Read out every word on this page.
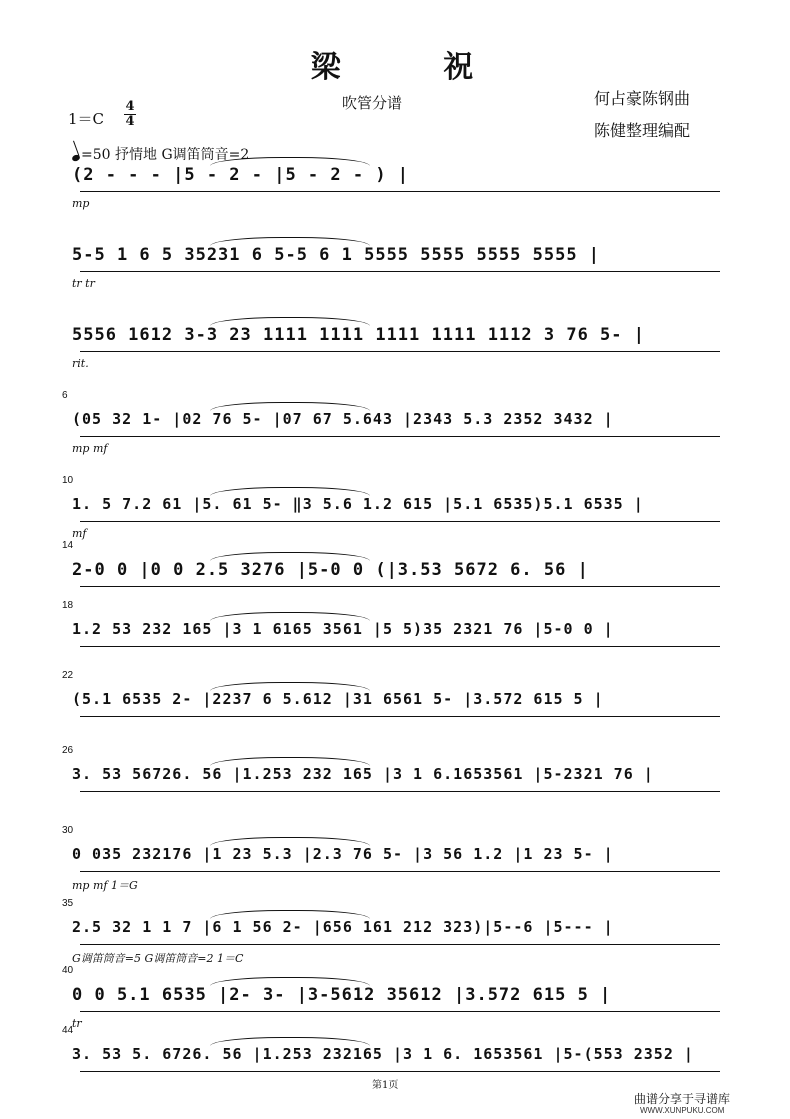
梁 祝
吹管分谱	何占豪陈钢曲
陈健整理编配
1＝C
4
4
=50 抒情地 G调笛筒音=2
(2 - - - |5 - 2 - |5 - 2 - ) |
mp
5-5 1 6 5 35231 6 5-5 6 1 5555 5555 5555 5555 |
tr tr
5556 1612 3-3 23 1111 1111 1111 1111 1112 3 76 5- |
rit.
6
(05 32 1- |02 76 5- |07 67 5.643 |2343 5.3 2352 3432 |
mp mf
10
1. 5 7.2 61 |5. 61 5- ‖3 5.6 1.2 615 |5.1 6535)5.1 6535 |
mf
14
2-0 0 |0 0 2.5 3276 |5-0 0 (|3.53 5672 6. 56 |
18
1.2 53 232 165 |3 1 6165 3561 |5 5)35 2321 76 |5-0 0 |
22
(5.1 6535 2- |2237 6 5.612 |31 6561 5- |3.572 615 5 |
26
3. 53 56726. 56 |1.253 232 165 |3 1 6.1653561 |5-2321 76 |
30
0 035 232176 |1 23 5.3 |2.3 76 5- |3 56 1.2 |1 23 5- |
mp mf 1＝G
35
2.5 32 1 1 7 |6 1 56 2- |656 161 212 323)|5--6 |5--- |
G调笛筒音=5 G调笛筒音=2 1＝C
40
0 0 5.1 6535 |2- 3- |3-5612 35612 |3.572 615 5 |
tr
44
3. 53 5. 6726. 56 |1.253 232165 |3 1 6. 1653561 |5-(553 2352 |
第1页
曲谱分享于寻谱库
WWW.XUNPUKU.COM
